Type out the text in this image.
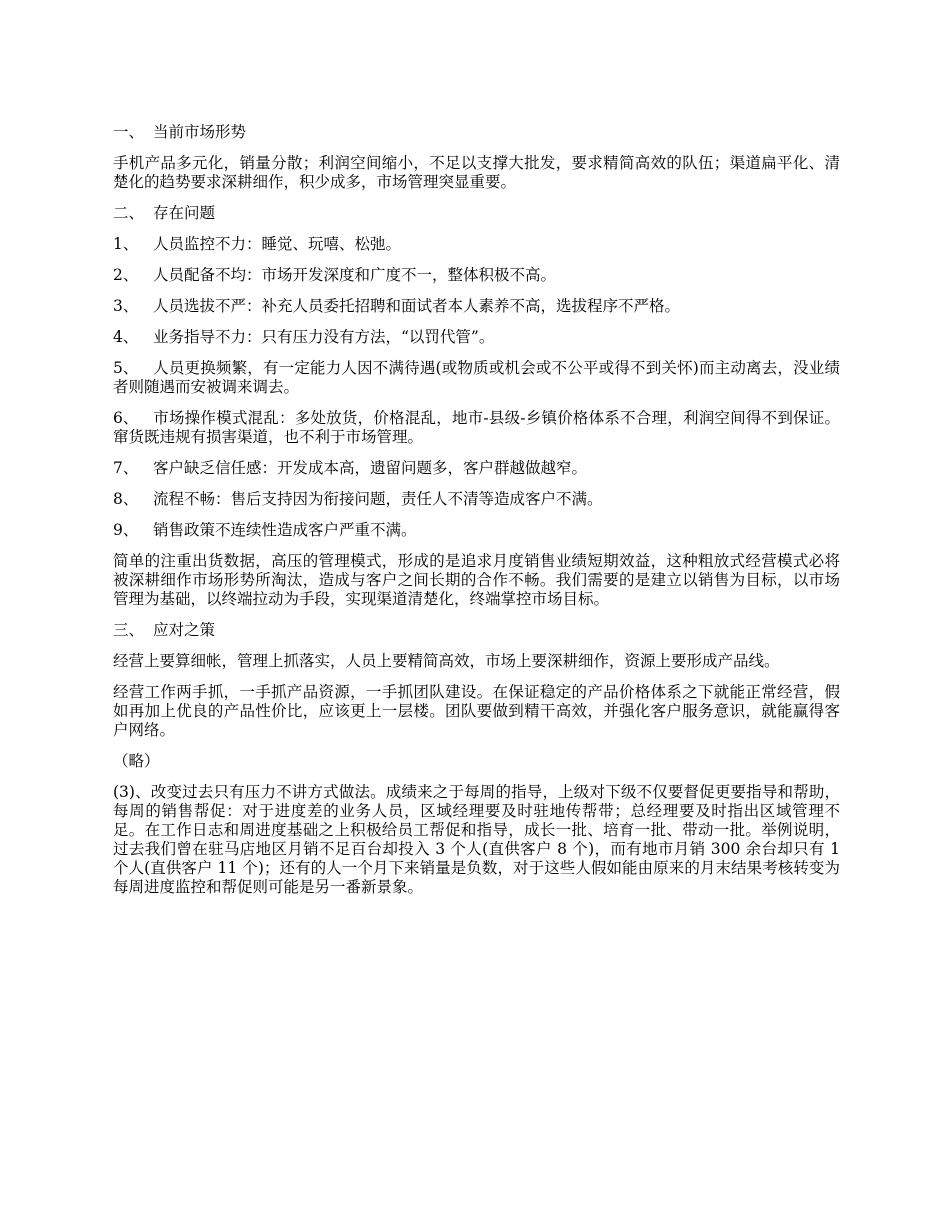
一、 当前市场形势

手机产品多元化，销量分散；利润空间缩小，不足以支撑大批发，要求精简高效的队伍；渠道扁平化、清楚化的趋势要求深耕细作，积少成多，市场管理突显重要。

二、 存在问题

1、 人员监控不力：睡觉、玩嘻、松弛。

2、 人员配备不均：市场开发深度和广度不一，整体积极不高。

3、 人员选拔不严：补充人员委托招聘和面试者本人素养不高，选拔程序不严格。

4、 业务指导不力：只有压力没有方法，“以罚代管”。

5、 人员更换频繁，有一定能力人因不满待遇(或物质或机会或不公平或得不到关怀)而主动离去，没业绩者则随遇而安被调来调去。

6、 市场操作模式混乱：多处放货，价格混乱，地市-县级-乡镇价格体系不合理，利润空间得不到保证。窜货既违规有损害渠道，也不利于市场管理。

7、 客户缺乏信任感：开发成本高，遗留问题多，客户群越做越窄。

8、 流程不畅：售后支持因为衔接问题，责任人不清等造成客户不满。

9、 销售政策不连续性造成客户严重不满。

简单的注重出货数据，高压的管理模式，形成的是追求月度销售业绩短期效益，这种粗放式经营模式必将被深耕细作市场形势所淘汰，造成与客户之间长期的合作不畅。我们需要的是建立以销售为目标，以市场管理为基础，以终端拉动为手段，实现渠道清楚化，终端掌控市场目标。

三、 应对之策

经营上要算细帐，管理上抓落实，人员上要精简高效，市场上要深耕细作，资源上要形成产品线。

经营工作两手抓，一手抓产品资源，一手抓团队建设。在保证稳定的产品价格体系之下就能正常经营，假如再加上优良的产品性价比，应该更上一层楼。团队要做到精干高效，并强化客户服务意识，就能赢得客户网络。

（略）

(3)、改变过去只有压力不讲方式做法。成绩来之于每周的指导，上级对下级不仅要督促更要指导和帮助，每周的销售帮促：对于进度差的业务人员，区域经理要及时驻地传帮带；总经理要及时指出区域管理不足。在工作日志和周进度基础之上积极给员工帮促和指导，成长一批、培育一批、带动一批。举例说明，过去我们曾在驻马店地区月销不足百台却投入 3 个人(直供客户 8 个)，而有地市月销 300 余台却只有 1 个人(直供客户 11 个)；还有的人一个月下来销量是负数，对于这些人假如能由原来的月末结果考核转变为每周进度监控和帮促则可能是另一番新景象。
